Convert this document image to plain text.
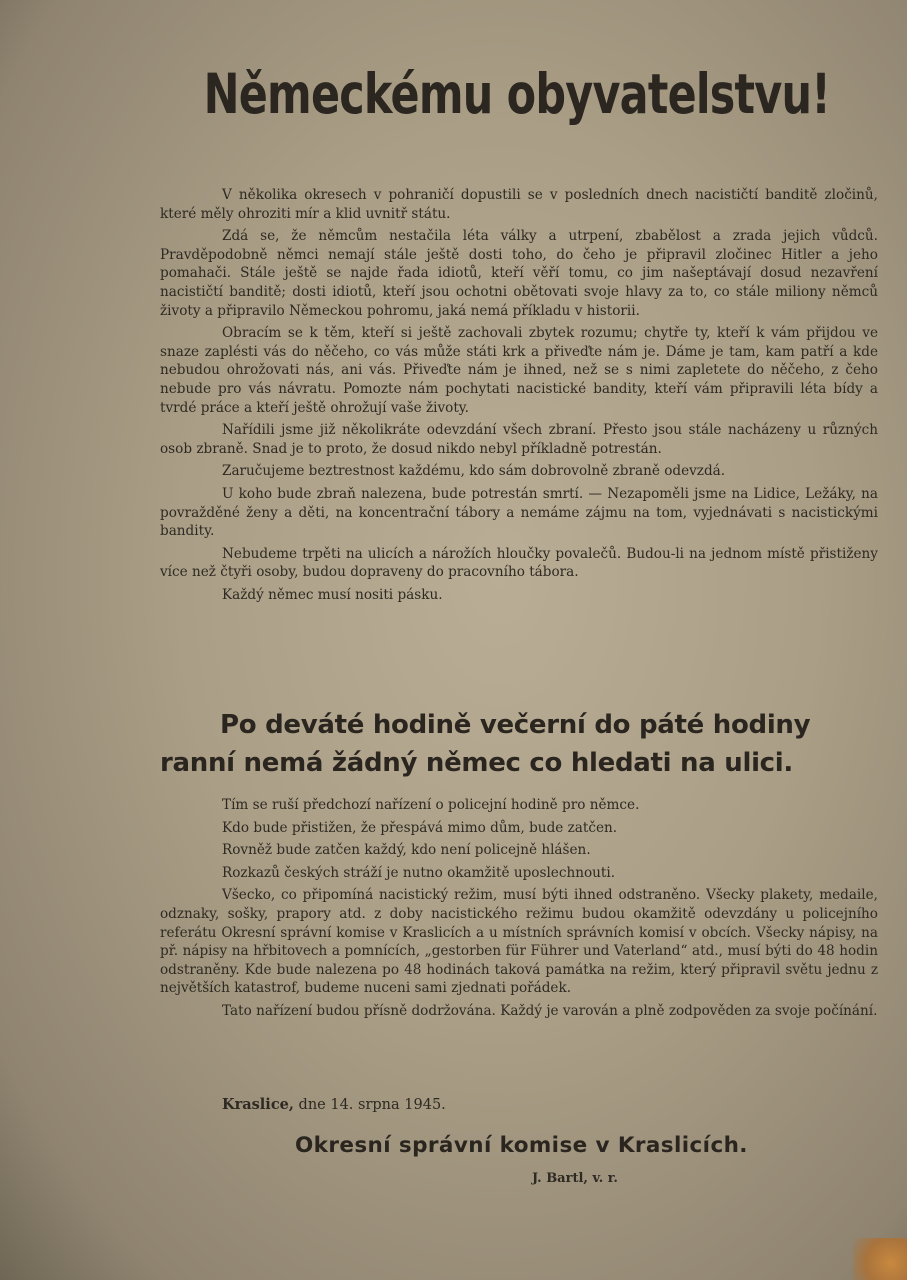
Německému obyvatelstvu!

V několika okresech v pohraničí dopustili se v posledních dnech nacističtí banditě zločinů, které měly ohroziti mír a klid uvnitř státu.

Zdá se, že němcům nestačila léta války a utrpení, zbabělost a zrada jejich vůdců. Pravděpodobně němci nemají stále ještě dosti toho, do čeho je připravil zločinec Hitler a jeho pomahači. Stále ještě se najde řada idiotů, kteří věří tomu, co jim našeptávají dosud nezavření nacističtí banditě; dosti idiotů, kteří jsou ochotni obětovati svoje hlavy za to, co stále miliony němců životy a připravilo Německou pohromu, jaká nemá příkladu v historii.

Obracím se k těm, kteří si ještě zachovali zbytek rozumu; chytře ty, kteří k vám přijdou ve snaze zaplésti vás do něčeho, co vás může státi krk a přiveďte nám je. Dáme je tam, kam patří a kde nebudou ohrožovati nás, ani vás. Přiveďte nám je ihned, než se s nimi zapletete do něčeho, z čeho nebude pro vás návratu. Pomozte nám pochytati nacistické bandity, kteří vám připravili léta bídy a tvrdé práce a kteří ještě ohrožují vaše životy.

Nařídili jsme již několikráte odevzdání všech zbraní. Přesto jsou stále nacházeny u různých osob zbraně. Snad je to proto, že dosud nikdo nebyl příkladně potrestán.

Zaručujeme beztrestnost každému, kdo sám dobrovolně zbraně odevzdá.

U koho bude zbraň nalezena, bude potrestán smrtí. — Nezapoměli jsme na Lidice, Ležáky, na povražděné ženy a děti, na koncentrační tábory a nemáme zájmu na tom, vyjednávati s nacistickými bandity.

Nebudeme trpěti na ulicích a nárožích hloučky povalečů. Budou-li na jednom místě přistiženy více než čtyři osoby, budou dopraveny do pracovního tábora.

Každý němec musí nositi pásku.

Po deváté hodině večerní do páté hodiny ranní nemá žádný němec co hledati na ulici.

Tím se ruší předchozí nařízení o policejní hodině pro němce.

Kdo bude přistižen, že přespává mimo dům, bude zatčen.

Rovněž bude zatčen každý, kdo není policejně hlášen.

Rozkazů českých stráží je nutno okamžitě uposlechnouti.

Všecko, co připomíná nacistický režim, musí býti ihned odstraněno. Všecky plakety, medaile, odznaky, sošky, prapory atd. z doby nacistického režimu budou okamžitě odevzdány u policejního referátu Okresní správní komise v Kraslicích a u místních správních komisí v obcích. Všecky nápisy, na př. nápisy na hřbitovech a pomnících, „gestorben für Führer und Vaterland“ atd., musí býti do 48 hodin odstraněny. Kde bude nalezena po 48 hodinách taková památka na režim, který připravil světu jednu z největších katastrof, budeme nuceni sami zjednati pořádek.

Tato nařízení budou přísně dodržována. Každý je varován a plně zodpověden za svoje počínání.

Kraslice, dne 14. srpna 1945.
Okresní správní komise v Kraslicích.
J. Bartl, v. r.
